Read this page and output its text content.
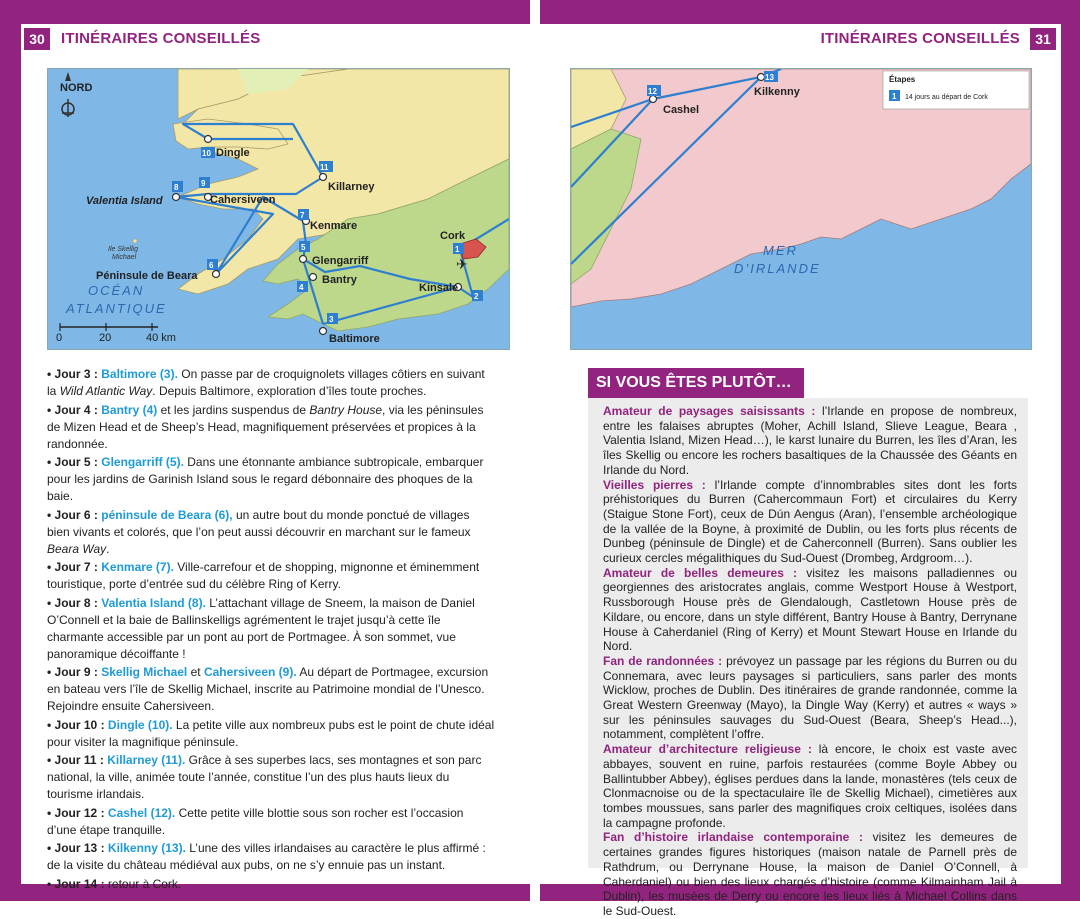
30	ITINÉRAIRES CONSEILLÉS	ITINÉRAIRES CONSEILLÉS	31
✈
NORD
1
2
3
4
5
6
7
8	9
10
11
Dingle
Killarney
Valentia Island	Cahersiveen
Kenmare
Cork
Glengarriff
Péninsule de Beara	Bantry
Kinsale
Baltimore
Ile Skellig
Michael
OCÉAN
ATLANTIQUE
0	20	40 km
12
13
Kilkenny
Cashel
MER
D’IRLANDE
Étapes
1 14 jours au départ de Cork

• Jour 3 : Baltimore (3). On passe par de croquignolets villages côtiers en suivant la Wild Atlantic Way. Depuis Baltimore, exploration d’îles toute proches.

• Jour 4 : Bantry (4) et les jardins suspendus de Bantry House, via les péninsules de Mizen Head et de Sheep’s Head, magnifiquement préservées et propices à la randonnée.

• Jour 5 : Glengarriff (5). Dans une étonnante ambiance subtropicale, embarquer pour les jardins de Garinish Island sous le regard débonnaire des phoques de la baie.

• Jour 6 : péninsule de Beara (6), un autre bout du monde ponctué de villages bien vivants et colorés, que l’on peut aussi découvrir en marchant sur le fameux Beara Way.

• Jour 7 : Kenmare (7). Ville-carrefour et de shopping, mignonne et éminemment touristique, porte d’entrée sud du célèbre Ring of Kerry.

• Jour 8 : Valentia Island (8). L’attachant village de Sneem, la maison de Daniel O’Connell et la baie de Ballinskelligs agrémentent le trajet jusqu’à cette île charmante accessible par un pont au port de Portmagee. À son sommet, vue panoramique décoiffante !

• Jour 9 : Skellig Michael et Cahersiveen (9). Au départ de Portmagee, excursion en bateau vers l’île de Skellig Michael, inscrite au Patrimoine mondial de l’Unesco. Rejoindre ensuite Cahersiveen.

• Jour 10 : Dingle (10). La petite ville aux nombreux pubs est le point de chute idéal pour visiter la magnifique péninsule.

• Jour 11 : Killarney (11). Grâce à ses superbes lacs, ses montagnes et son parc national, la ville, animée toute l’année, constitue l’un des plus hauts lieux du tourisme irlandais.

• Jour 12 : Cashel (12). Cette petite ville blottie sous son rocher est l’occasion d’une étape tranquille.

• Jour 13 : Kilkenny (13). L’une des villes irlandaises au caractère le plus affirmé : de la visite du château médiéval aux pubs, on ne s’y ennuie pas un instant.

• Jour 14 : retour à Cork.

SI VOUS ÊTES PLUTÔT…

Amateur de paysages saisissants : l’Irlande en propose de nombreux, entre les falaises abruptes (Moher, Achill Island, Slieve League, Beara , Valentia Island, Mizen Head…), le karst lunaire du Burren, les îles d’Aran, les îles Skellig ou encore les rochers basaltiques de la Chaussée des Géants en Irlande du Nord.

Vieilles pierres : l’Irlande compte d’innombrables sites dont les forts préhistoriques du Burren (Cahercommaun Fort) et circulaires du Kerry (Staigue Stone Fort), ceux de Dún Aengus (Aran), l’ensemble archéologique de la vallée de la Boyne, à proximité de Dublin, ou les forts plus récents de Dunbeg (péninsule de Dingle) et de Caherconnell (Burren). Sans oublier les curieux cercles mégalithiques du Sud-Ouest (Drombeg, Ardgroom…).

Amateur de belles demeures : visitez les maisons palladiennes ou georgiennes des aristocrates anglais, comme Westport House à Westport, Russborough House près de Glendalough, Castletown House près de Kildare, ou encore, dans un style différent, Bantry House à Bantry, Derrynane House à Caherdaniel (Ring of Kerry) et Mount Stewart House en Irlande du Nord.

Fan de randonnées : prévoyez un passage par les régions du Burren ou du Connemara, avec leurs paysages si particuliers, sans parler des monts Wicklow, proches de Dublin. Des itinéraires de grande randonnée, comme la Great Western Greenway (Mayo), la Dingle Way (Kerry) et autres « ways » sur les péninsules sauvages du Sud-Ouest (Beara, Sheep’s Head...), notamment, complètent l’offre.

Amateur d’architecture religieuse : là encore, le choix est vaste avec abbayes, souvent en ruine, parfois restaurées (comme Boyle Abbey ou Ballintubber Abbey), églises perdues dans la lande, monastères (tels ceux de Clonmacnoise ou de la spectaculaire île de Skellig Michael), cimetières aux tombes moussues, sans parler des magnifiques croix celtiques, isolées dans la campagne profonde.

Fan d’histoire irlandaise contemporaine : visitez les demeures de certaines grandes figures historiques (maison natale de Parnell près de Rathdrum, ou Derrynane House, la maison de Daniel O’Connell, à Caherdaniel) ou bien des lieux chargés d’histoire (comme Kilmainham Jail à Dublin), les musées de Derry ou encore les lieux liés à Michael Collins dans le Sud-Ouest.
